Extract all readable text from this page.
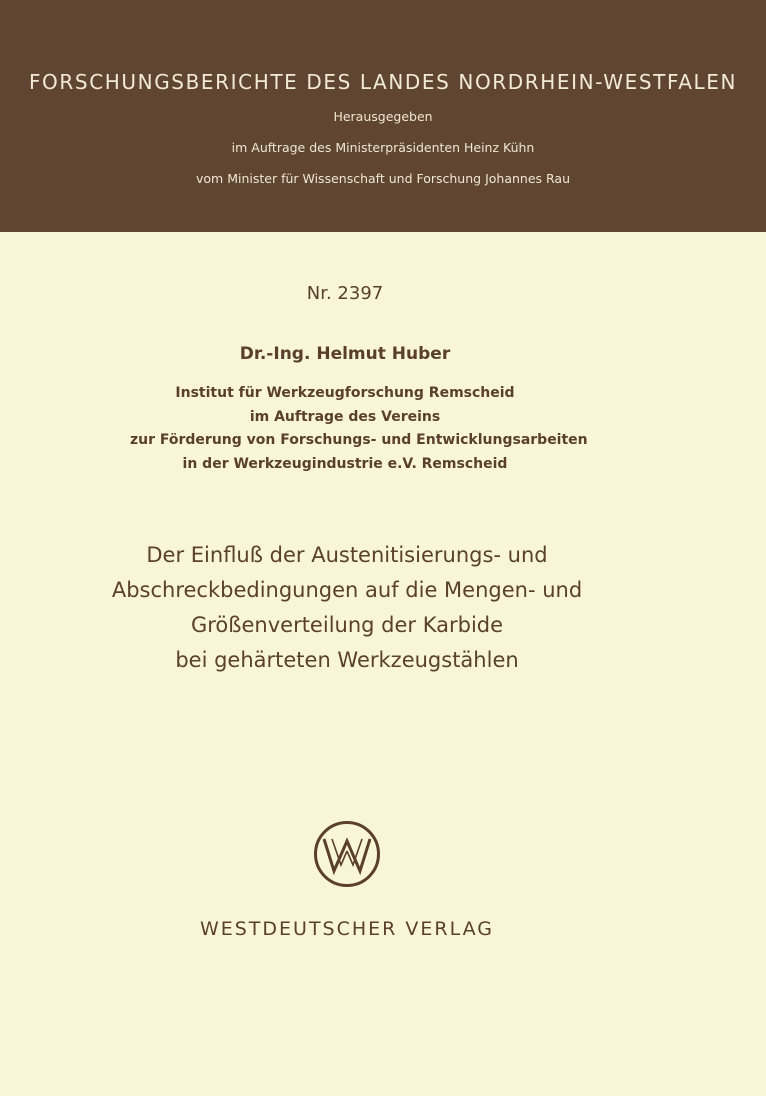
FORSCHUNGSBERICHTE DES LANDES NORDRHEIN-WESTFALEN
Herausgegeben
im Auftrage des Ministerpräsidenten Heinz Kühn
vom Minister für Wissenschaft und Forschung Johannes Rau
Nr. 2397
Dr.-Ing. Helmut Huber
Institut für Werkzeugforschung Remscheid
im Auftrage des Vereins
zur Förderung von Forschungs- und Entwicklungsarbeiten
in der Werkzeugindustrie e.V. Remscheid
Der Einfluß der Austenitisierungs- und
Abschreckbedingungen auf die Mengen- und
Größenverteilung der Karbide
bei gehärteten Werkzeugstählen
WESTDEUTSCHER VERLAG
